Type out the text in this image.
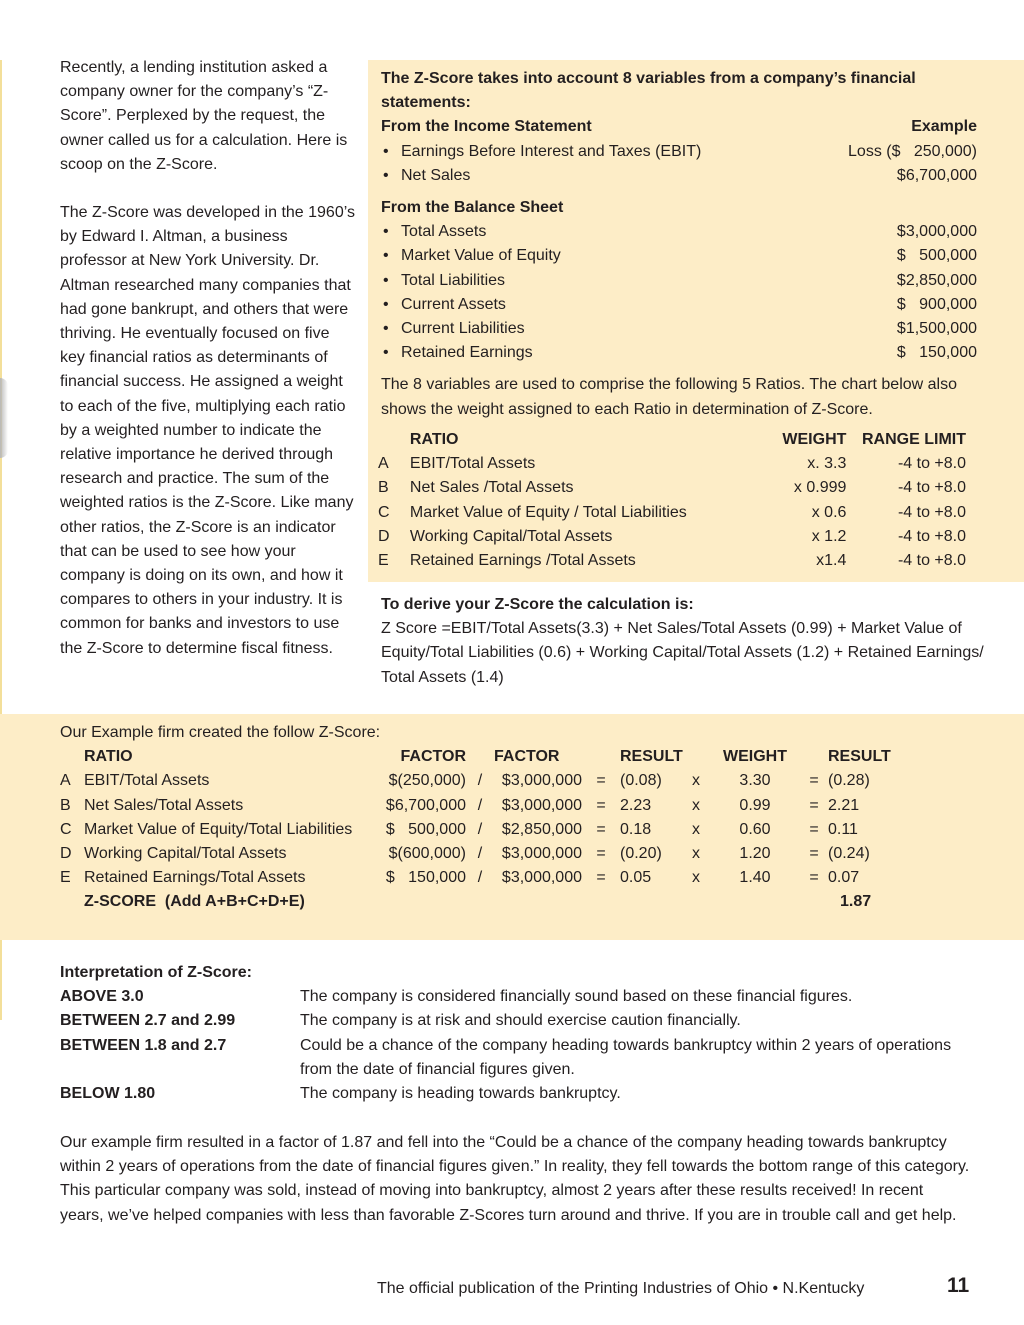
Recently, a lending institution asked a company owner for the company’s “Z-Score”. Perplexed by the request, the owner called us for a calculation. Here is scoop on the Z-Score.

The Z-Score was developed in the 1960’s by Edward I. Altman, a business professor at New York University. Dr. Altman researched many companies that had gone bankrupt, and others that were thriving. He eventually focused on five key financial ratios as determinants of financial success. He assigned a weight to each of the five, multiplying each ratio by a weighted number to indicate the relative importance he derived through research and practice. The sum of the weighted ratios is the Z-Score. Like many other ratios, the Z-Score is an indicator that can be used to see how your company is doing on its own, and how it compares to others in your industry. It is common for banks and investors to use the Z-Score to determine fiscal fitness.

The Z-Score takes into account 8 variables from a company’s financial statements:
From the Income Statement	Example
• Earnings Before Interest and Taxes (EBIT)	Loss ($   250,000)
• Net Sales	$6,700,000
From the Balance Sheet
• Total Assets	$3,000,000
• Market Value of Equity	$   500,000
• Total Liabilities	$2,850,000
• Current Assets	$   900,000
• Current Liabilities	$1,500,000
• Retained Earnings	$   150,000
The 8 variables are used to comprise the following 5 Ratios. The chart below also shows the weight assigned to each Ratio in determination of Z-Score.
RATIO	WEIGHT RANGE LIMIT
A	EBIT/Total Assets	x. 3.3	-4 to +8.0
B	Net Sales /Total Assets	x 0.999	-4 to +8.0
C	Market Value of Equity / Total Liabilities	x 0.6	-4 to +8.0
D	Working Capital/Total Assets	x 1.2	-4 to +8.0
E	Retained Earnings /Total Assets	x1.4	-4 to +8.0
To derive your Z-Score the calculation is:
Z Score =EBIT/Total Assets(3.3) + Net Sales/Total Assets (0.99) + Market Value of Equity/Total Liabilities (0.6) + Working Capital/Total Assets (1.2) + Retained Earnings/ Total Assets (1.4)
Our Example firm created the follow Z-Score:
RATIO	FACTOR FACTOR	RESULT	WEIGHT	RESULT
A EBIT/Total Assets	$(250,000) /	$3,000,000 = (0.08)	x	3.30	= (0.28)
B Net Sales/Total Assets	$6,700,000 /	$3,000,000 = 2.23	x	0.99	= 2.21
C Market Value of Equity/Total Liabilities	$   500,000 /	$2,850,000 = 0.18	x	0.60	= 0.11
D Working Capital/Total Assets	$(600,000) /	$3,000,000 = (0.20)	x	1.20	= (0.24)
E Retained Earnings/Total Assets	$   150,000 /	$3,000,000 = 0.05	x	1.40	= 0.07
Z-SCORE  (Add A+B+C+D+E)	1.87
Interpretation of Z-Score:
ABOVE 3.0	The company is considered financially sound based on these financial figures.
BETWEEN 2.7 and 2.99	The company is at risk and should exercise caution financially.
BETWEEN 1.8 and 2.7	Could be a chance of the company heading towards bankruptcy within 2 years of operations from the date of financial figures given.
BELOW 1.80	The company is heading towards bankruptcy.
Our example firm resulted in a factor of 1.87 and fell into the “Could be a chance of the company heading towards bankruptcy within 2 years of operations from the date of financial figures given.” In reality, they fell towards the bottom range of this category. This particular company was sold, instead of moving into bankruptcy, almost 2 years after these results received! In recent years, we’ve helped companies with less than favorable Z-Scores turn around and thrive. If you are in trouble call and get help.
The official publication of the Printing Industries of Ohio • N.Kentucky	11
